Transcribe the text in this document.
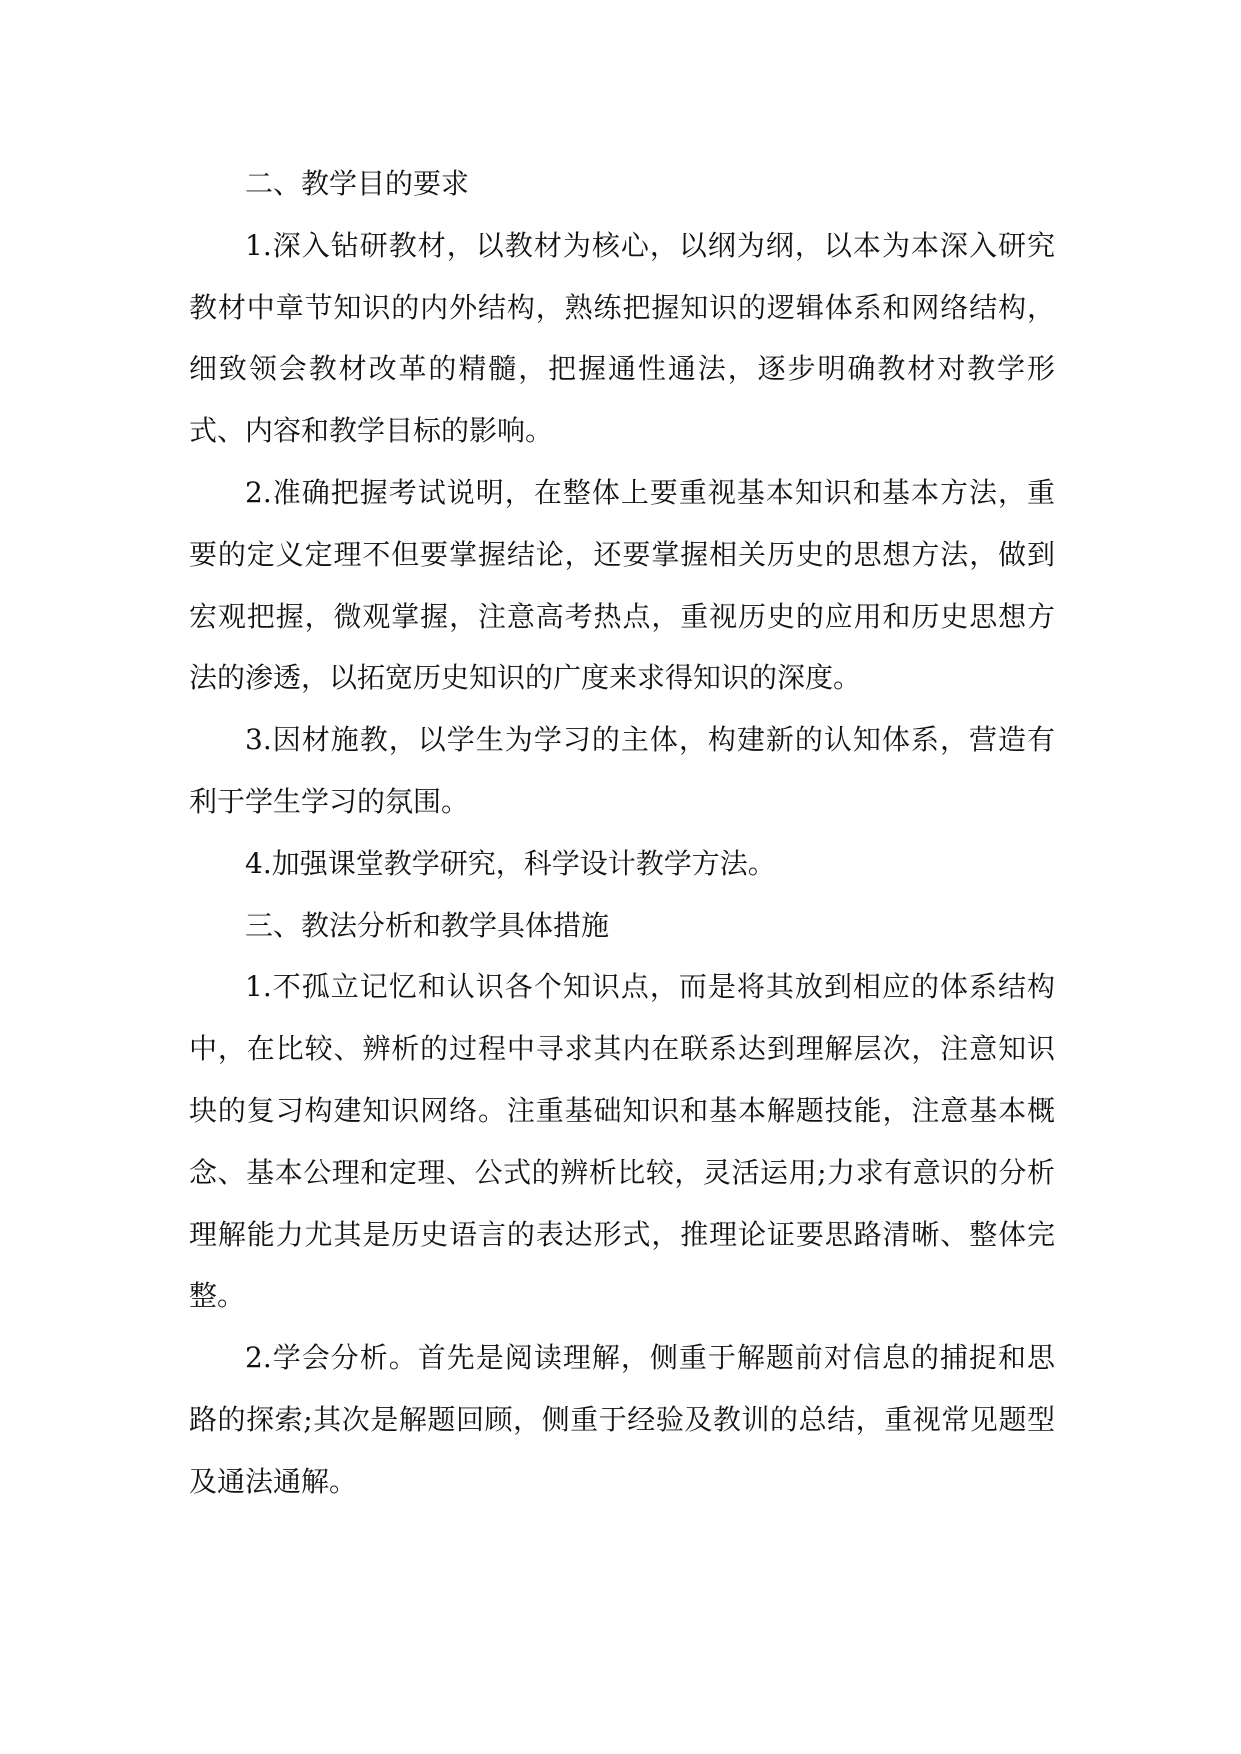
二、教学目的要求

1.深入钻研教材，以教材为核心，以纲为纲，以本为本深入研究教材中章节知识的内外结构，熟练把握知识的逻辑体系和网络结构，细致领会教材改革的精髓，把握通性通法，逐步明确教材对教学形式、内容和教学目标的影响。

2.准确把握考试说明，在整体上要重视基本知识和基本方法，重要的定义定理不但要掌握结论，还要掌握相关历史的思想方法，做到宏观把握，微观掌握，注意高考热点，重视历史的应用和历史思想方法的渗透，以拓宽历史知识的广度来求得知识的深度。

3.因材施教，以学生为学习的主体，构建新的认知体系，营造有利于学生学习的氛围。

4.加强课堂教学研究，科学设计教学方法。

三、教法分析和教学具体措施

1.不孤立记忆和认识各个知识点，而是将其放到相应的体系结构中，在比较、辨析的过程中寻求其内在联系达到理解层次，注意知识块的复习构建知识网络。注重基础知识和基本解题技能，注意基本概念、基本公理和定理、公式的辨析比较，灵活运用;力求有意识的分析理解能力尤其是历史语言的表达形式，推理论证要思路清晰、整体完整。

2.学会分析。首先是阅读理解，侧重于解题前对信息的捕捉和思路的探索;其次是解题回顾，侧重于经验及教训的总结，重视常见题型及通法通解。
